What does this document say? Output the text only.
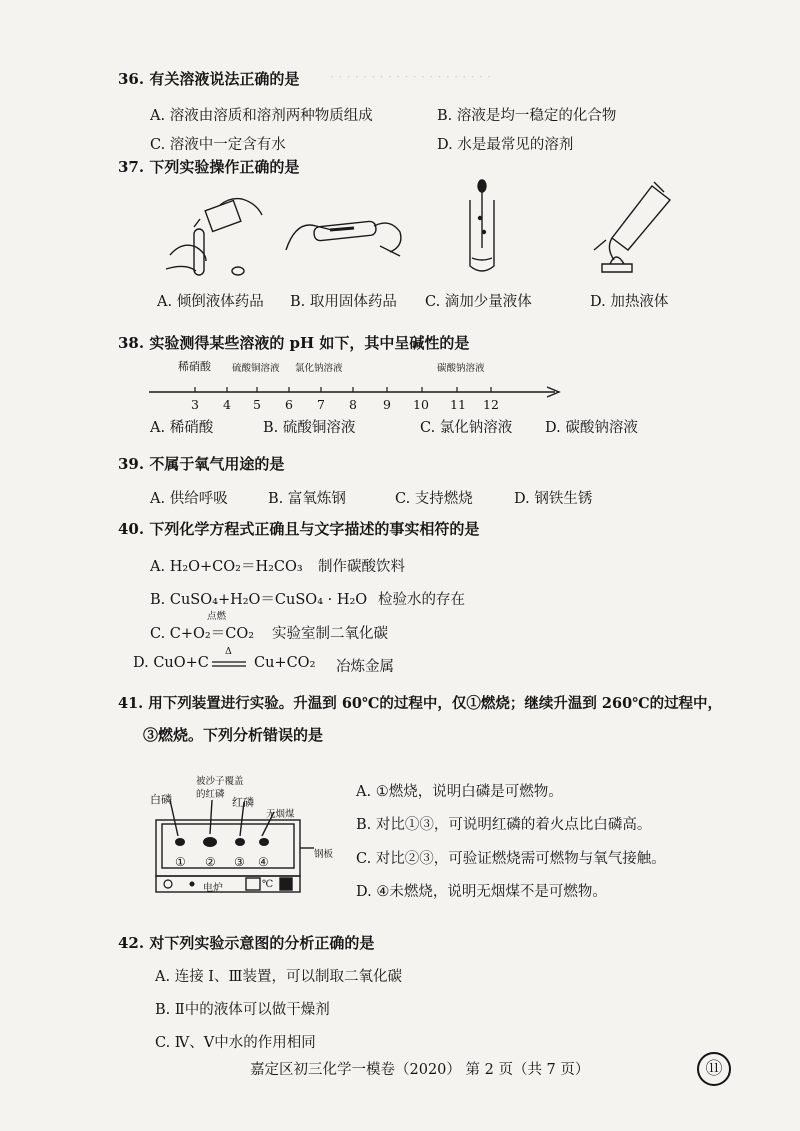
· · · · · · · · · · · · · · · · · · · ·
36. 有关溶液说法正确的是
A. 溶液由溶质和溶剂两种物质组成	B. 溶液是均一稳定的化合物
C. 溶液中一定含有水	D. 水是最常见的溶剂
37. 下列实验操作正确的是
A. 倾倒液体药品 B. 取用固体药品 C. 滴加少量液体	D. 加热液体
38. 实验测得某些溶液的 pH 如下，其中呈碱性的是
稀硝酸 硫酸铜溶液 氯化钠溶液	碳酸钠溶液
3 4 5 6 7 8 9 10 11 12
A. 稀硝酸	B. 硫酸铜溶液	C. 氯化钠溶液 D. 碳酸钠溶液
39. 不属于氧气用途的是
A. 供给呼吸	B. 富氧炼钢	C. 支持燃烧	D. 钢铁生锈
40. 下列化学方程式正确且与文字描述的事实相符的是
A. H₂O+CO₂＝H₂CO₃ 制作碳酸饮料
B. CuSO₄+H₂O＝CuSO₄ · H₂O 检验水的存在
点燃
C. C+O₂＝CO₂ 实验室制二氧化碳
D. CuO+C
Δ
Cu+CO₂ 冶炼金属
41. 用下列装置进行实验。升温到 60℃的过程中，仅①燃烧；继续升温到 260℃的过程中，
③燃烧。下列分析错误的是
白磷
被沙子覆盖
的红磷
红磷
无烟煤
钢板
① ② ③ ④
电炉	℃
A. ①燃烧，说明白磷是可燃物。
B. 对比①③，可说明红磷的着火点比白磷高。
C. 对比②③，可验证燃烧需可燃物与氧气接触。
D. ④未燃烧，说明无烟煤不是可燃物。
42. 对下列实验示意图的分析正确的是
A. 连接 Ⅰ、Ⅲ装置，可以制取二氧化碳
B. Ⅱ中的液体可以做干燥剂
C. Ⅳ、Ⅴ中水的作用相同
嘉定区初三化学一模卷（2020） 第 2 页（共 7 页）	⑪
